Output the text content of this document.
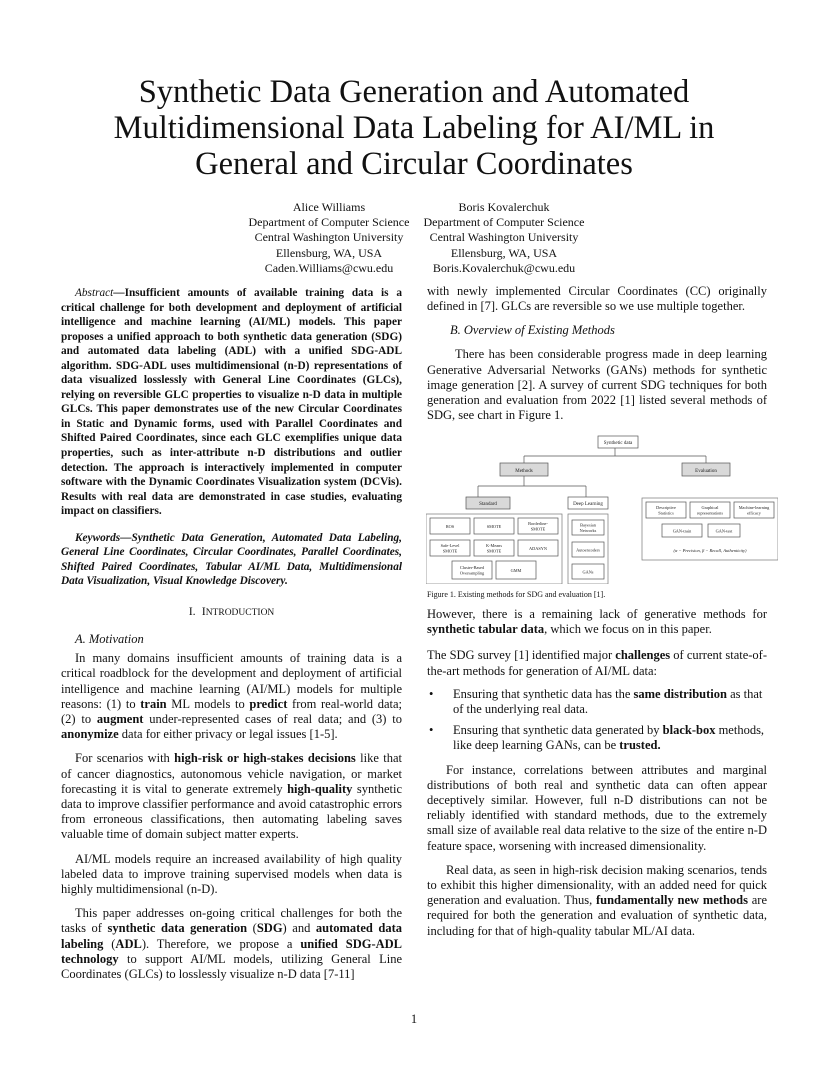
Synthetic Data Generation and Automated
Multidimensional Data Labeling for AI/ML in
General and Circular Coordinates
Alice Williams
Department of Computer Science
Central Washington University
Ellensburg, WA, USA
Caden.Williams@cwu.edu
Boris Kovalerchuk
Department of Computer Science
Central Washington University
Ellensburg, WA, USA
Boris.Kovalerchuk@cwu.edu

Abstract—Insufficient amounts of available training data is a critical challenge for both development and deployment of artificial intelligence and machine learning (AI/ML) models. This paper proposes a unified approach to both synthetic data generation (SDG) and automated data labeling (ADL) with a unified SDG-ADL algorithm. SDG-ADL uses multidimensional (n-D) representations of data visualized losslessly with General Line Coordinates (GLCs), relying on reversible GLC properties to visualize n-D data in multiple GLCs. This paper demonstrates use of the new Circular Coordinates in Static and Dynamic forms, used with Parallel Coordinates and Shifted Paired Coordinates, since each GLC exemplifies unique data properties, such as inter-attribute n-D distributions and outlier detection. The approach is interactively implemented in computer software with the Dynamic Coordinates Visualization system (DCVis). Results with real data are demonstrated in case studies, evaluating impact on classifiers.

Keywords—Synthetic Data Generation, Automated Data Labeling, General Line Coordinates, Circular Coordinates, Parallel Coordinates, Shifted Paired Coordinates, Tabular AI/ML Data, Multidimensional Data Visualization, Visual Knowledge Discovery.

I. INTRODUCTION
A. Motivation

In many domains insufficient amounts of training data is a critical roadblock for the development and deployment of artificial intelligence and machine learning (AI/ML) models for multiple reasons: (1) to train ML models to predict from real-world data; (2) to augment under-represented cases of real data; and (3) to anonymize data for either privacy or legal issues [1-5].

For scenarios with high-risk or high-stakes decisions like that of cancer diagnostics, autonomous vehicle navigation, or market forecasting it is vital to generate extremely high-quality synthetic data to improve classifier performance and avoid catastrophic errors from erroneous classifications, then automating labeling saves valuable time of domain subject matter experts.

AI/ML models require an increased availability of high quality labeled data to improve training supervised models when data is highly multidimensional (n-D).

This paper addresses on-going critical challenges for both the tasks of synthetic data generation (SDG) and automated data labeling (ADL). Therefore, we propose a unified SDG-ADL technology to support AI/ML models, utilizing General Line Coordinates (GLCs) to losslessly visualize n-D data [7-11]

with newly implemented Circular Coordinates (CC) originally defined in [7]. GLCs are reversible so we use multiple together.

B. Overview of Existing Methods

There has been considerable progress made in deep learning Generative Adversarial Networks (GANs) methods for synthetic image generation [2]. A survey of current SDG techniques for both generation and evaluation from 2022 [1] listed several methods of SDG, see chart in Figure 1.

Synthetic data
Methods	Evaluation
Standard	Deep Learning
ROS	SMOTE
Borderline-
SMOTE
Safe-Level
SMOTE
K-Means
SMOTE
ADASYN
Cluster-Based
Oversampling
GMM
Bayesian
Networks
Autoencoders
GANs
Descriptive
Statistics
Graphical
representations
Machine-learning
efficacy
GAN-train	GAN-test
(α − Precision, β − Recall, Authenticity)
Figure 1. Existing methods for SDG and evaluation [1].

However, there is a remaining lack of generative methods for synthetic tabular data, which we focus on in this paper.

The SDG survey [1] identified major challenges of current state-of-the-art methods for generation of AI/ML data:

• Ensuring that synthetic data has the same distribution as that of the underlying real data.
• Ensuring that synthetic data generated by black-box methods, like deep learning GANs, can be trusted.

For instance, correlations between attributes and marginal distributions of both real and synthetic data can often appear deceptively similar. However, full n-D distributions can not be reliably identified with standard methods, due to the extremely small size of available real data relative to the size of the entire n-D feature space, worsening with increased dimensionality.

Real data, as seen in high-risk decision making scenarios, tends to exhibit this higher dimensionality, with an added need for quick generation and evaluation. Thus, fundamentally new methods are required for both the generation and evaluation of synthetic data, including for that of high-quality tabular ML/AI data.

1
